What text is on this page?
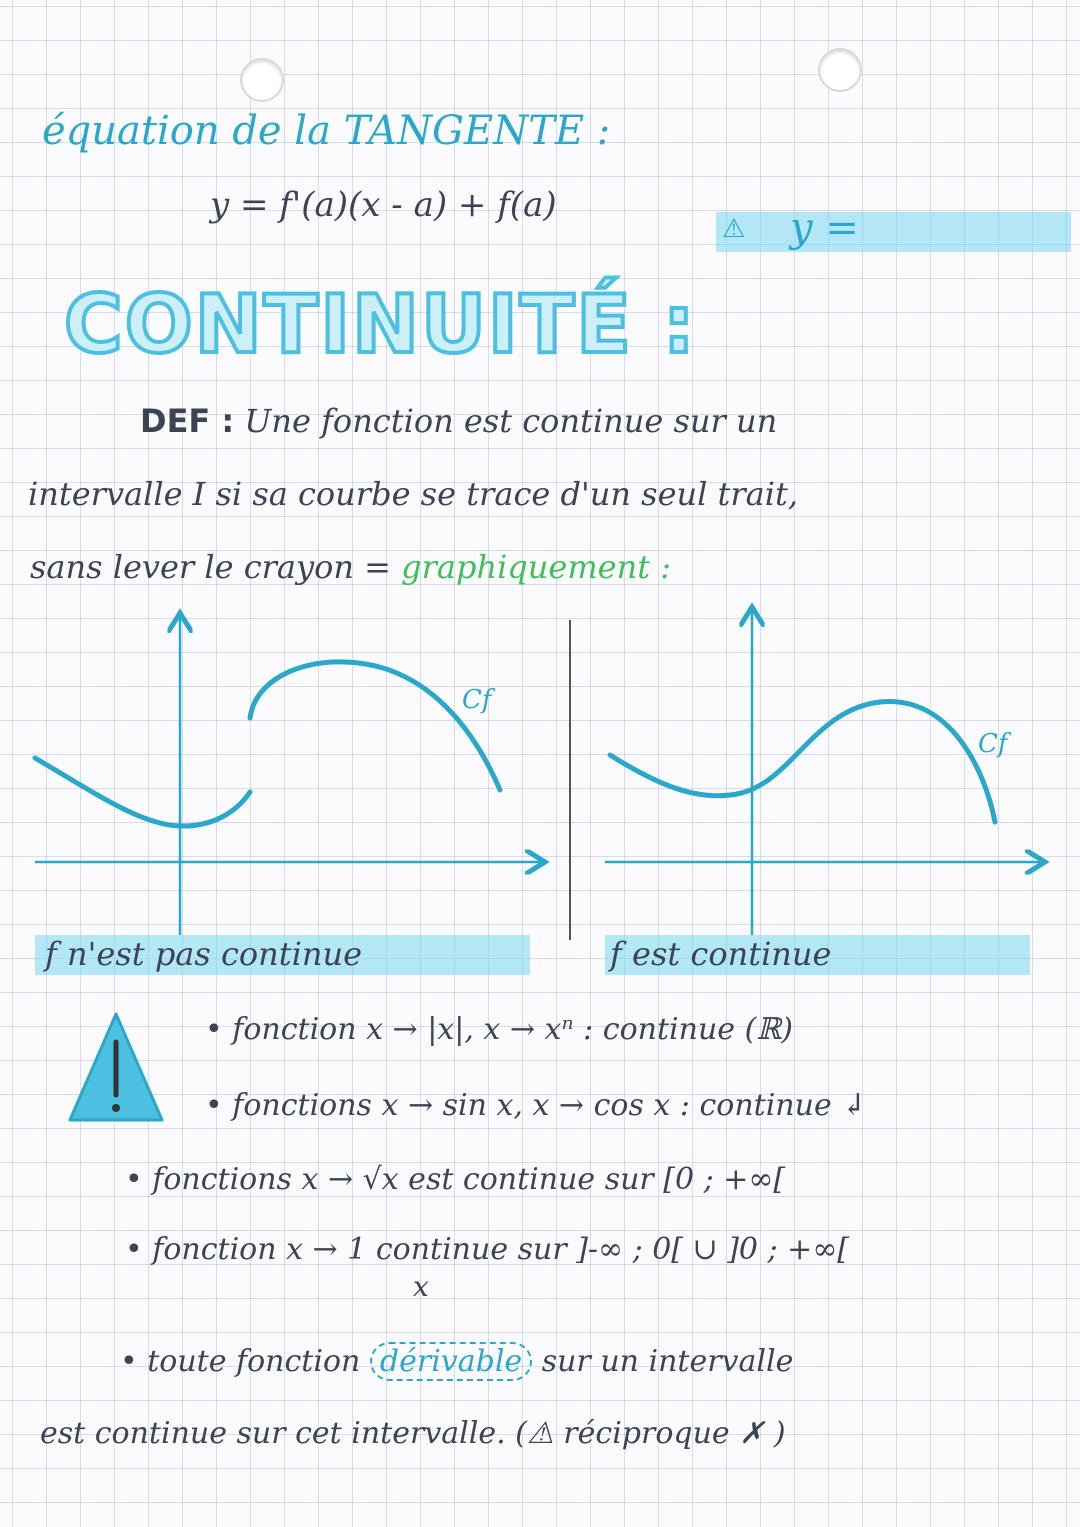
équation de la TANGENTE :
y = f'(a)(x - a) + f(a)
⚠ y =
CONTINUITÉ :
DEF : Une fonction est continue sur un
intervalle I si sa courbe se trace d'un seul trait,
sans lever le crayon = graphiquement :
Cf
Cf
f n'est pas continue	f est continue
• fonction x → |x|, x → xⁿ : continue (ℝ)
• fonctions x → sin x, x → cos x : continue ↲
• fonctions x → √x est continue sur [0 ; +∞[
• fonction x → 1 continue sur ]-∞ ; 0[ ∪ ]0 ; +∞[
x
• toute fonction dérivable sur un intervalle
est continue sur cet intervalle. (⚠ réciproque ✗ )
